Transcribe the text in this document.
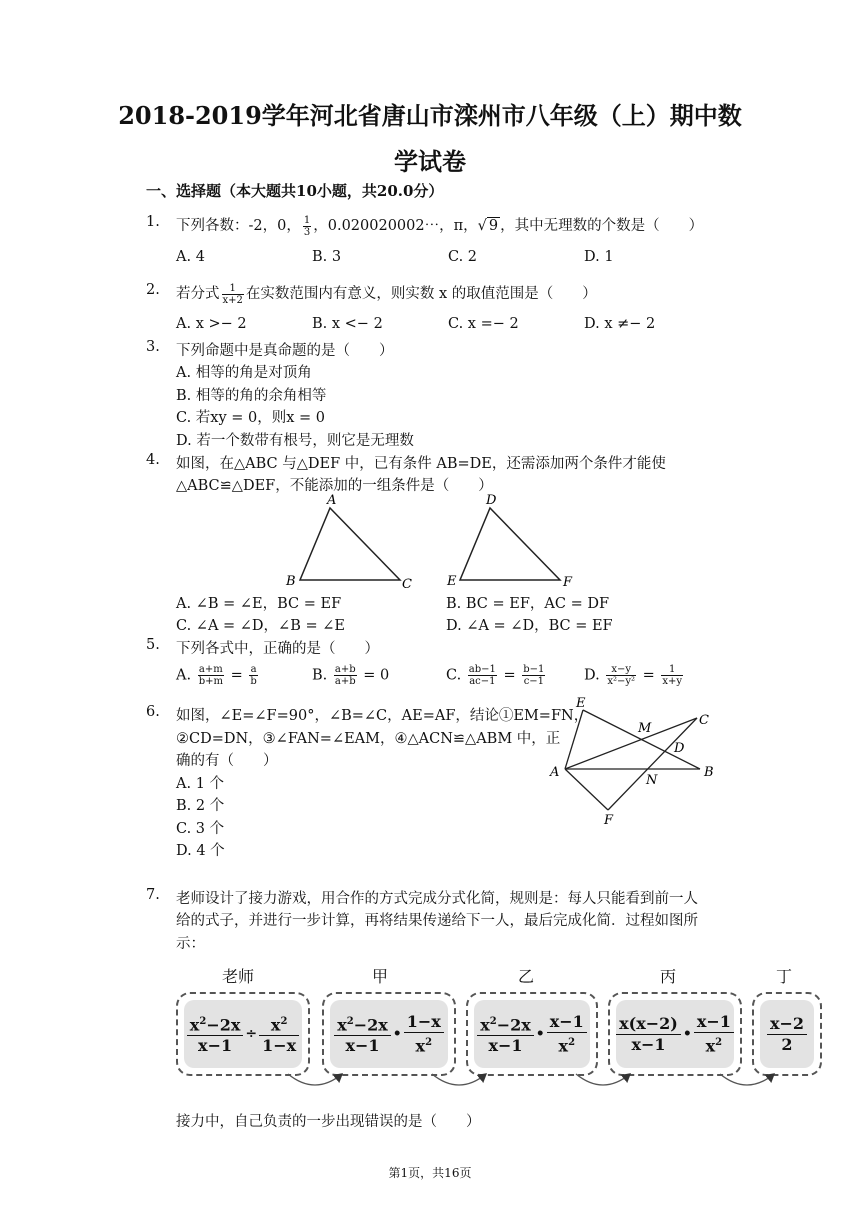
2018-2019学年河北省唐山市滦州市八年级（上）期中数
学试卷
一、选择题（本大题共10小题，共20.0分）
1. 下列各数：-2，0， $\frac{1}{3}$ ，0.020020002⋯，π，√ 9 ，其中无理数的个数是（　　）
A. 4	B. 3	C. 2	D. 1
2. 若分式 $\frac{1}{x+2}$ 在实数范围内有意义，则实数 x 的取值范围是（　　）
A. x >− 2	B. x <− 2	C. x =− 2	D. x ≠− 2
3. 下列命题中是真命题的是（　　）
A. 相等的角是对顶角
B. 相等的角的余角相等
C. 若xy = 0，则x = 0
D. 若一个数带有根号，则它是无理数
4. 如图，在△ABC 与△DEF 中，已有条件 AB=DE，还需添加两个条件才能使
△ABC≌△DEF，不能添加的一组条件是（　　）
A
B	C
D
E	F
A. ∠B = ∠E，BC = EF	B. BC = EF，AC = DF
C. ∠A = ∠D，∠B = ∠E	D. ∠A = ∠D，BC = EF
5. 下列各式中，正确的是（　　）
A. $\frac{a+m}{b+m} = \frac{a}{b}$	B. $\frac{a+b}{a+b} = 0$	C. $\frac{ab-1}{ac-1} = \frac{b-1}{c-1}$	D. $\frac{x-y}{\text{x²−y²}} = \frac{1}{x+y}$
6. 如图，∠E=∠F=90°，∠B=∠C，AE=AF，结论①EM=FN，
②CD=DN，③∠FAN=∠EAM，④△ACN≌△ABM 中，正
确的有（　　）
A. 1 个
B. 2 个
C. 3 个
D. 4 个
E
M
C
D
A
N
B
F
7. 老师设计了接力游戏，用合作的方式完成分式化简，规则是：每人只能看到前一人
给的式子，并进行一步计算，再将结果传递给下一人，最后完成化简．过程如图所
示：
老师	甲	乙	丙	丁
$\frac{x^2-2x}{x-1} \div \frac{x^2}{1-x} x^2-2x$
x−1
•
1−x
$x^2$
$x^2-2x$
x−1
•
x−1
$x^2$
x(x−2)
x−1
•
x−1
$x^2$
x−2
2
接力中，自己负责的一步出现错误的是（　　）
第1页，共16页
